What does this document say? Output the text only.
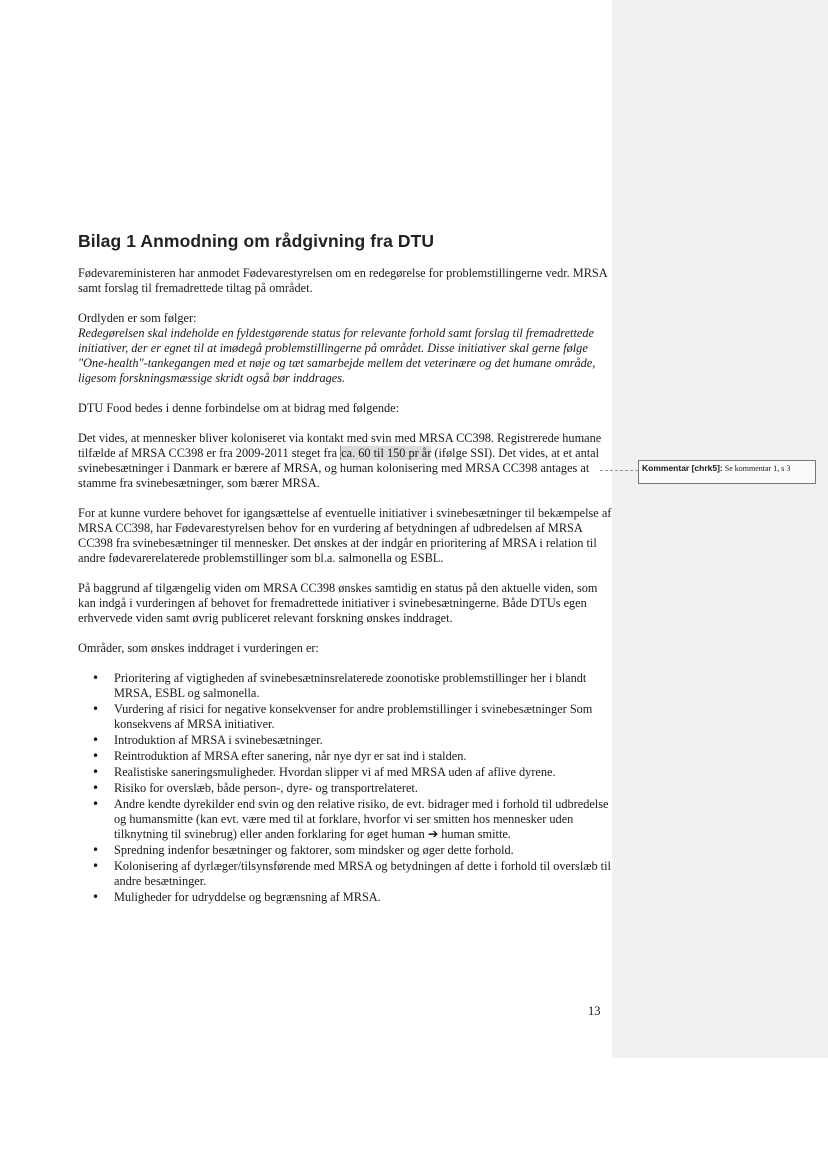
Bilag 1 Anmodning om rådgivning fra DTU

Fødevareministeren har anmodet Fødevarestyrelsen om en redegørelse for problemstillingerne vedr. MRSA samt forslag til fremadrettede tiltag på området.

Ordlyden er som følger:
Redegørelsen skal indeholde en fyldestgørende status for relevante forhold samt forslag til fremadrettede initiativer, der er egnet til at imødegå problemstillingerne på området. Disse initiativer skal gerne følge "One-health"-tankegangen med et nøje og tæt samarbejde mellem det veterinære og det humane område, ligesom forskningsmæssige skridt også bør inddrages.

DTU Food bedes i denne forbindelse om at bidrag med følgende:

Det vides, at mennesker bliver koloniseret via kontakt med svin med MRSA CC398. Registrerede humane tilfælde af MRSA CC398 er fra 2009-2011 steget fra ca. 60 til 150 pr år (ifølge SSI). Det vides, at et antal svinebesætninger i Danmark er bærere af MRSA, og human kolonisering med MRSA CC398 antages at stamme fra svinebesætninger, som bærer MRSA.

For at kunne vurdere behovet for igangsættelse af eventuelle initiativer i svinebesætninger til bekæmpelse af MRSA CC398, har Fødevarestyrelsen behov for en vurdering af betydningen af udbredelsen af MRSA CC398 fra svinebesætninger til mennesker. Det ønskes at der indgår en prioritering af MRSA i relation til andre fødevarerelaterede problemstillinger som bl.a. salmonella og ESBL.

På baggrund af tilgængelig viden om MRSA CC398 ønskes samtidig en status på den aktuelle viden, som kan indgå i vurderingen af behovet for fremadrettede initiativer i svinebesætningerne. Både DTUs egen erhvervede viden samt øvrig publiceret relevant forskning ønskes inddraget.

Områder, som ønskes inddraget i vurderingen er:

• Prioritering af vigtigheden af svinebesætninsrelaterede zoonotiske problemstillinger her i blandt MRSA, ESBL og salmonella.
• Vurdering af risici for negative konsekvenser for andre problemstillinger i svinebesætninger Som konsekvens af MRSA initiativer.
• Introduktion af MRSA i svinebesætninger.
• Reintroduktion af MRSA efter sanering, når nye dyr er sat ind i stalden.
• Realistiske saneringsmuligheder. Hvordan slipper vi af med MRSA uden af aflive dyrene.
• Risiko for overslæb, både person-, dyre- og transportrelateret.
• Andre kendte dyrekilder end svin og den relative risiko, de evt. bidrager med i forhold til udbredelse og humansmitte (kan evt. være med til at forklare, hvorfor vi ser smitten hos mennesker uden tilknytning til svinebrug) eller anden forklaring for øget human ➔ human smitte.
• Spredning indenfor besætninger og faktorer, som mindsker og øger dette forhold.
• Kolonisering af dyrlæger/tilsynsførende med MRSA og betydningen af dette i forhold til overslæb til andre besætninger.
• Muligheder for udryddelse og begrænsning af MRSA.
Kommentar [chrk5]: Se kommentar 1, s 3
13
